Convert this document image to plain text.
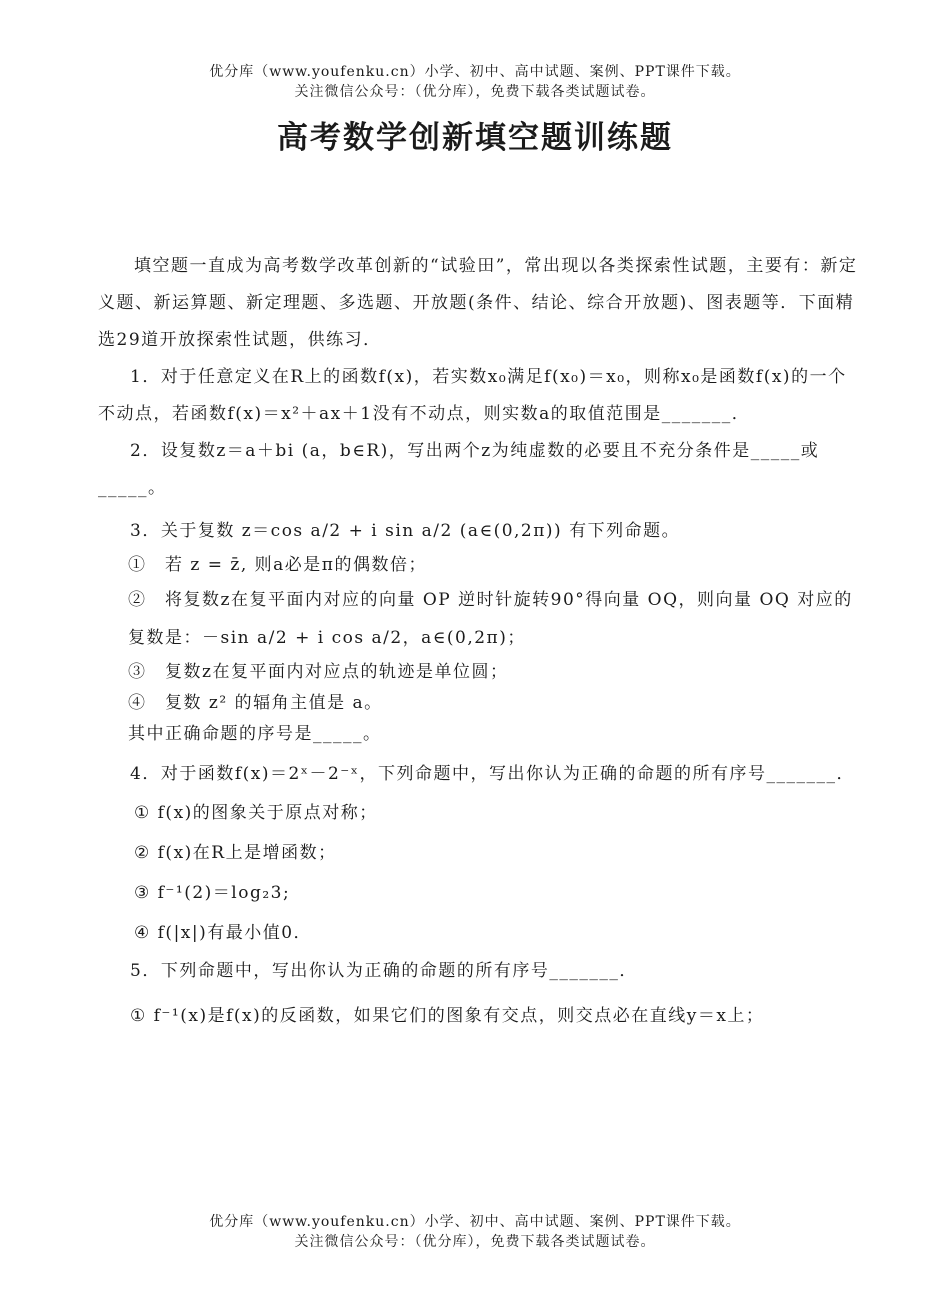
优分库（www.youfenku.cn）小学、初中、高中试题、案例、PPT课件下载。
关注微信公众号：（优分库），免费下载各类试题试卷。
高考数学创新填空题训练题

填空题一直成为高考数学改革创新的“试验田”，常出现以各类探索性试题，主要有：新定义题、新运算题、新定理题、多选题、开放题(条件、结论、综合开放题)、图表题等．下面精选29道开放探索性试题，供练习．

1．对于任意定义在R上的函数f(x)，若实数x₀满足f(x₀)＝x₀，则称x₀是函数f(x)的一个不动点，若函数f(x)＝x²＋ax＋1没有不动点，则实数a的取值范围是_______．

2．设复数z＝a＋bi (a，b∈R)，写出两个z为纯虚数的必要且不充分条件是_____或_____。

3．关于复数 z＝cos a/2 + i sin a/2 (a∈(0,2π)) 有下列命题。

①　若 z = z̄, 则a必是π的偶数倍；

②　将复数z在复平面内对应的向量 OP 逆时针旋转90°得向量 OQ，则向量 OQ 对应的复数是：－sin a/2 + i cos a/2，a∈(0,2π)；

③　复数z在复平面内对应点的轨迹是单位圆；

④　复数 z² 的辐角主值是 a。

其中正确命题的序号是_____。

4．对于函数f(x)＝2ˣ－2⁻ˣ，下列命题中，写出你认为正确的命题的所有序号_______．

① f(x)的图象关于原点对称；

② f(x)在R上是增函数；

③ f⁻¹(2)＝log₂3;

④ f(|x|)有最小值0．

5．下列命题中，写出你认为正确的命题的所有序号_______．

① f⁻¹(x)是f(x)的反函数，如果它们的图象有交点，则交点必在直线y＝x上；

优分库（www.youfenku.cn）小学、初中、高中试题、案例、PPT课件下载。
关注微信公众号：（优分库），免费下载各类试题试卷。
